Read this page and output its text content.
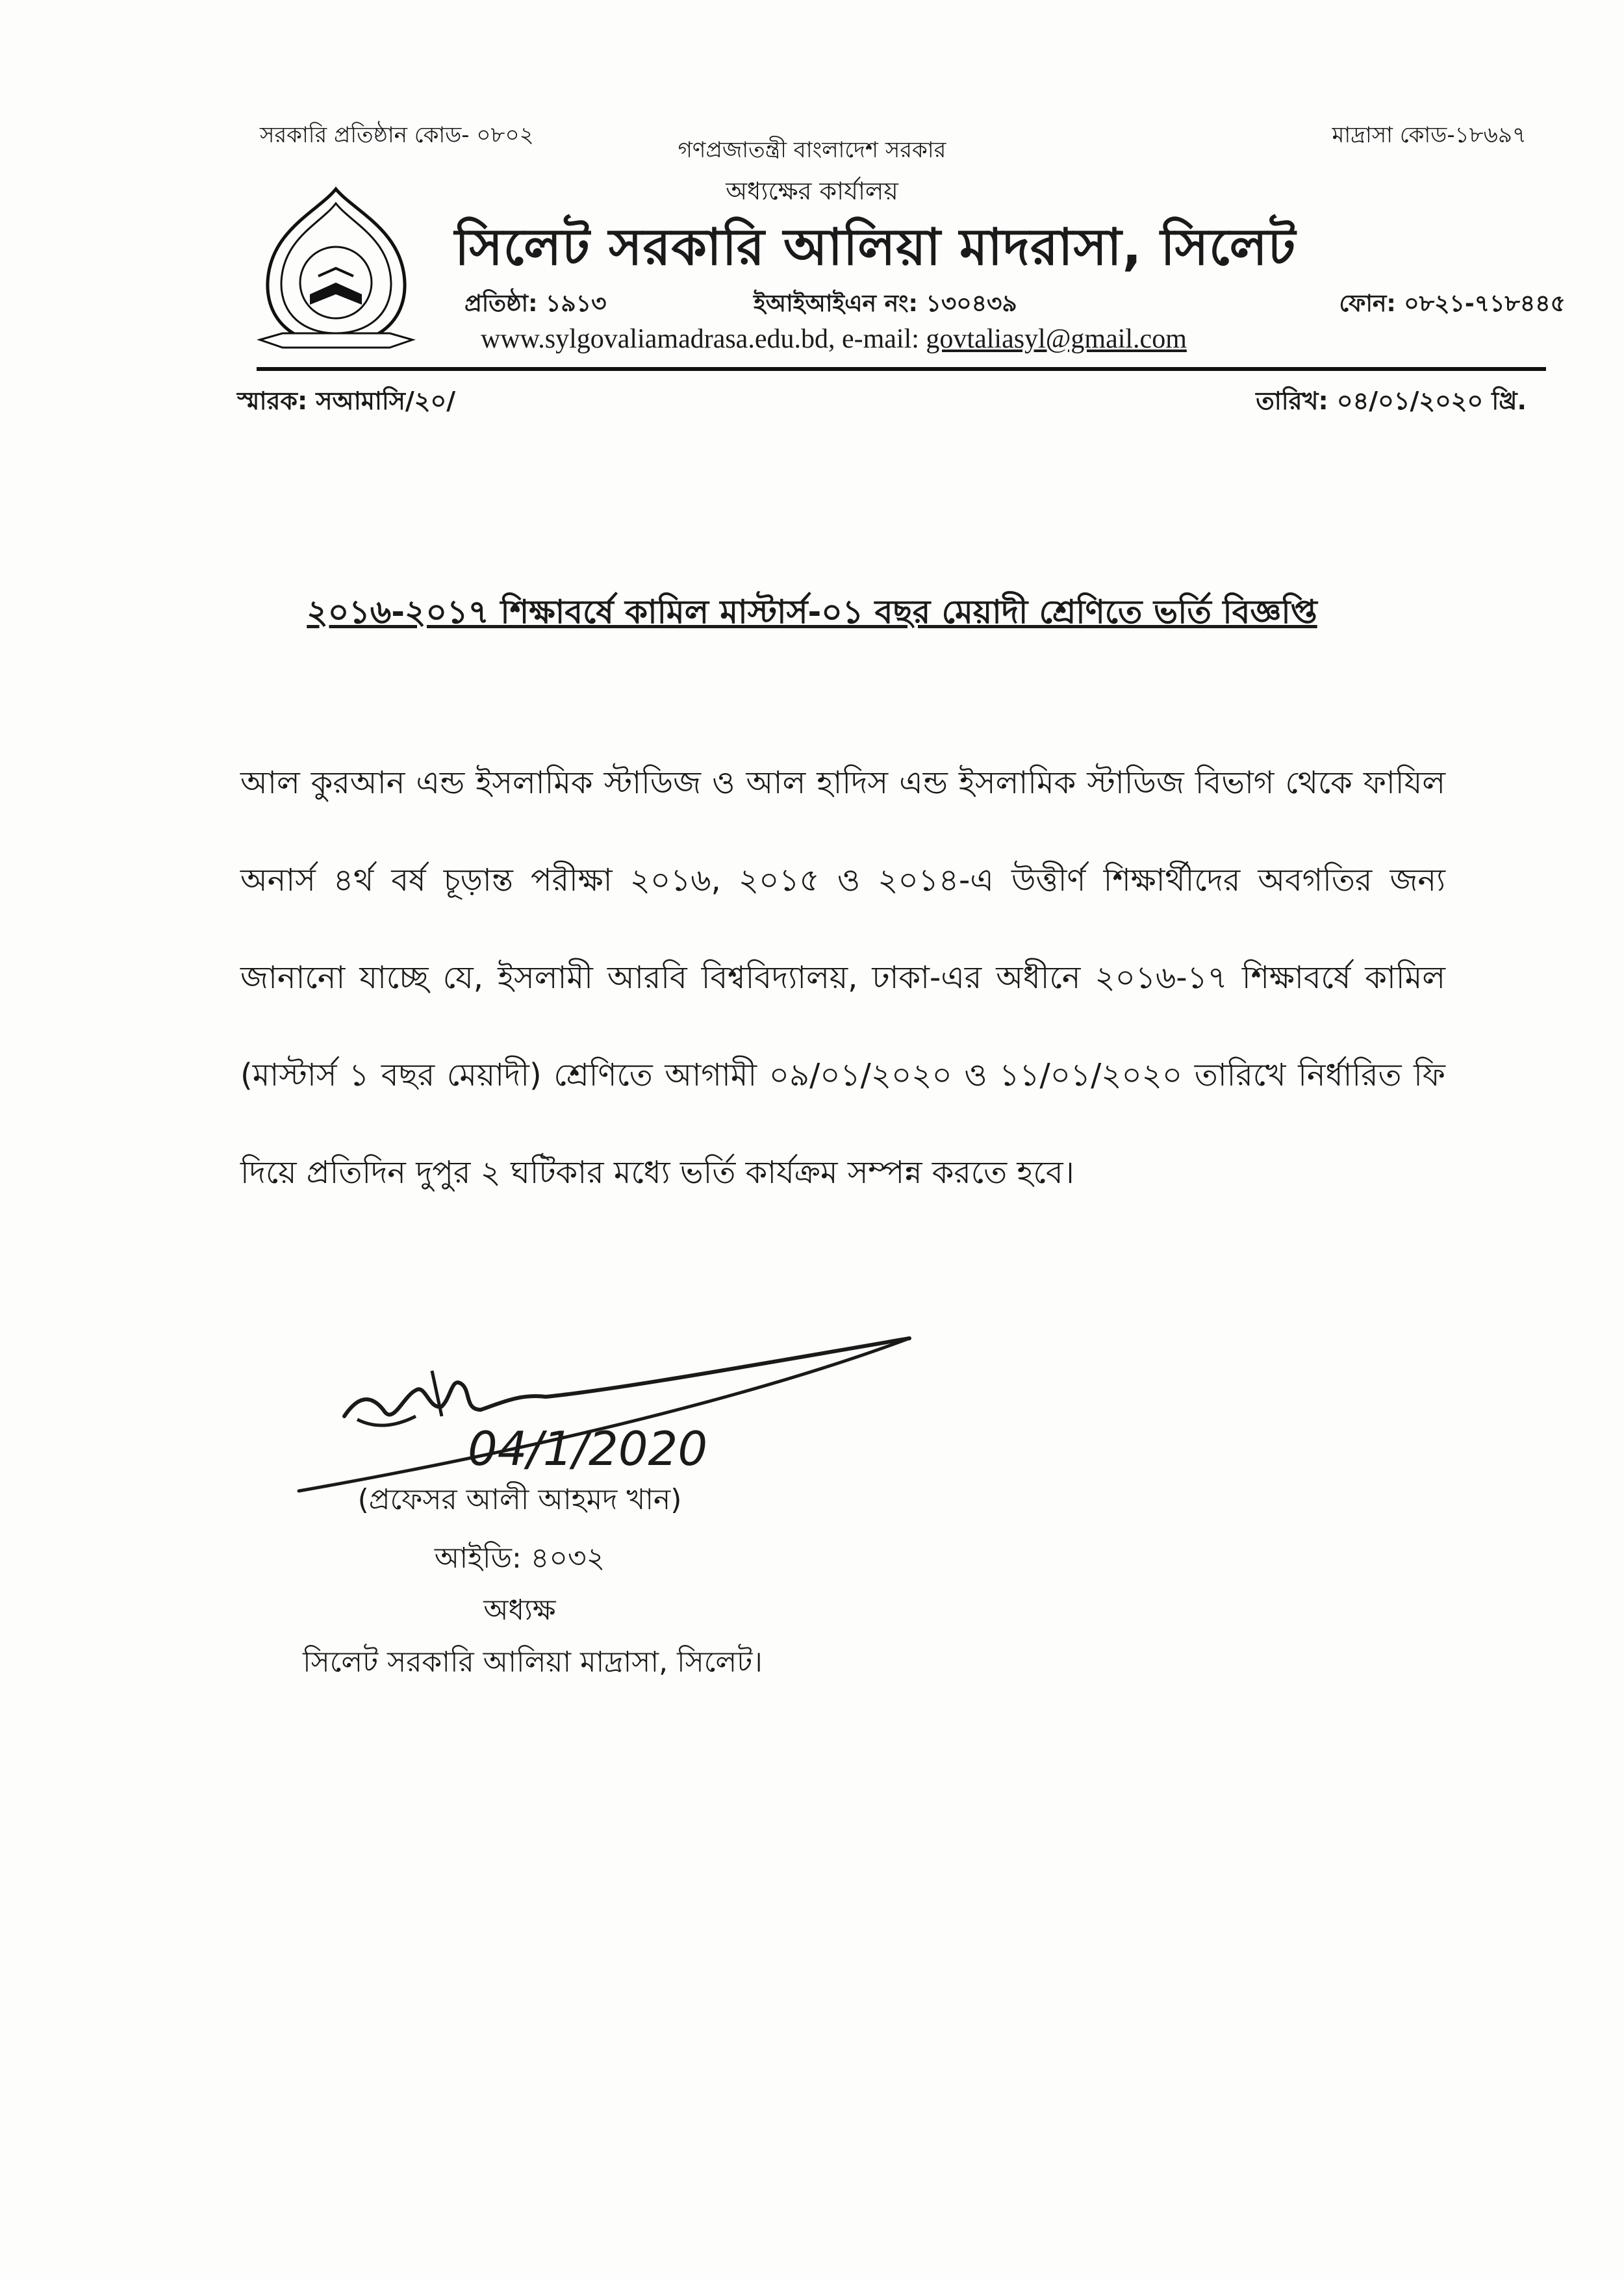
সরকারি প্রতিষ্ঠান কোড- ০৮০২	মাদ্রাসা কোড-১৮৬৯৭
গণপ্রজাতন্ত্রী বাংলাদেশ সরকার
অধ্যক্ষের কার্যালয়
সিলেট সরকারি আলিয়া মাদরাসা, সিলেট
প্রতিষ্ঠা: ১৯১৩	ইআইআইএন নং: ১৩০৪৩৯	ফোন: ০৮২১-৭১৮৪৪৫
www.sylgovaliamadrasa.edu.bd, e-mail: govtaliasyl@gmail.com
স্মারক: সআমাসি/২০/	তারিখ: ০৪/০১/২০২০ খ্রি.
২০১৬-২০১৭ শিক্ষাবর্ষে কামিল মাস্টার্স-০১ বছর মেয়াদী শ্রেণিতে ভর্তি বিজ্ঞপ্তি
আল কুরআন এন্ড ইসলামিক স্টাডিজ ও আল হাদিস এন্ড ইসলামিক স্টাডিজ বিভাগ থেকে ফাযিল অনার্স ৪র্থ বর্ষ চূড়ান্ত পরীক্ষা ২০১৬, ২০১৫ ও ২০১৪-এ উত্তীর্ণ শিক্ষার্থীদের অবগতির জন্য জানানো যাচ্ছে যে, ইসলামী আরবি বিশ্ববিদ্যালয়, ঢাকা-এর অধীনে ২০১৬-১৭ শিক্ষাবর্ষে কামিল (মাস্টার্স ১ বছর মেয়াদী) শ্রেণিতে আগামী ০৯/০১/২০২০ ও ১১/০১/২০২০ তারিখে নির্ধারিত ফি দিয়ে প্রতিদিন দুপুর ২ ঘটিকার মধ্যে ভর্তি কার্যক্রম সম্পন্ন করতে হবে।
04/1/2020
(প্রফেসর আলী আহমদ খান)
আইডি: ৪০৩২
অধ্যক্ষ
সিলেট সরকারি আলিয়া মাদ্রাসা, সিলেট।
